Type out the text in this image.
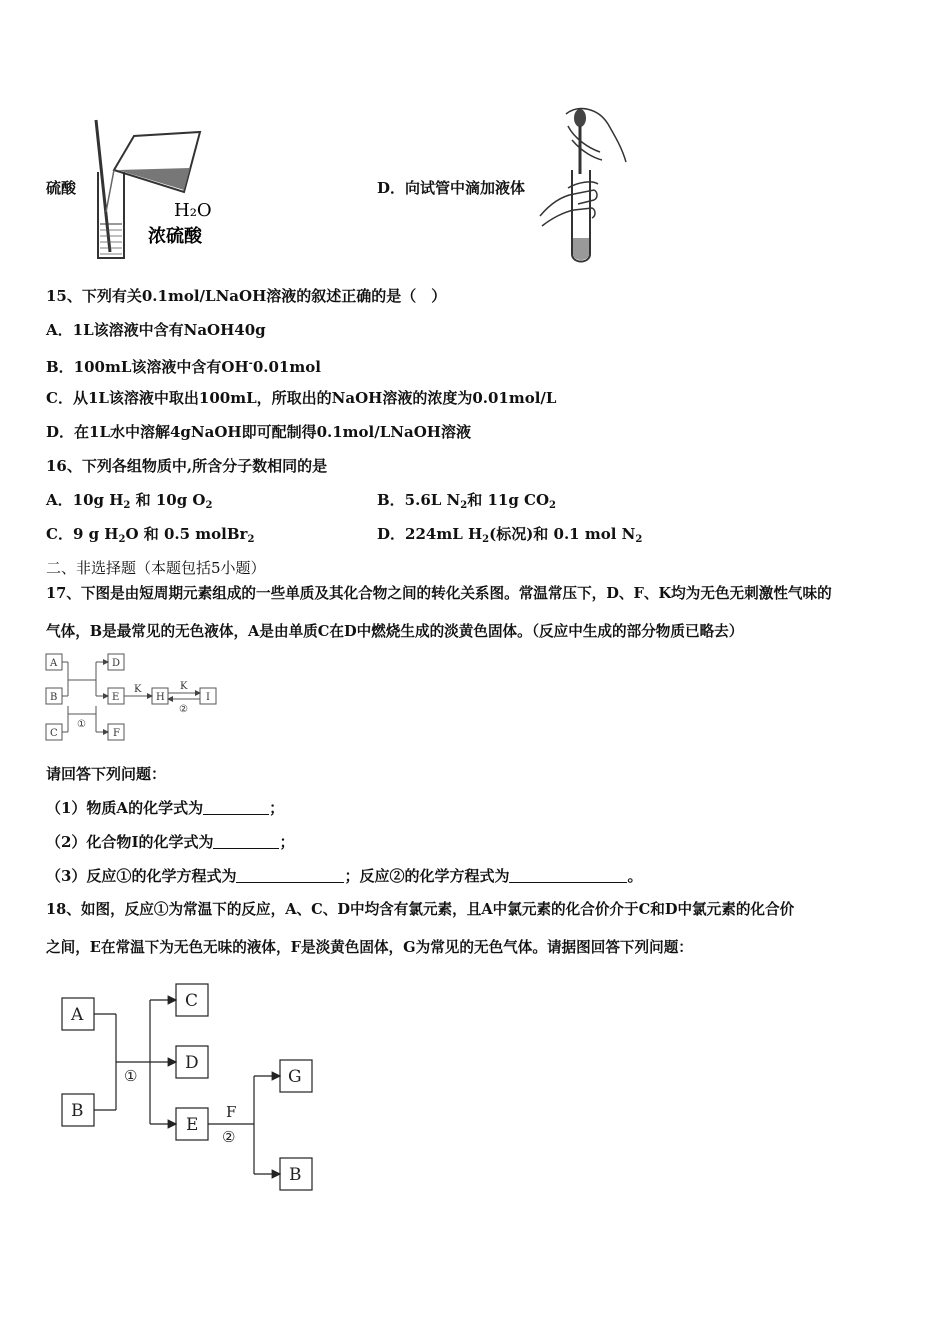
硫酸
H₂O
浓硫酸
D．向试管中滴加液体
15、下列有关0.1mol/LNaOH溶液的叙述正确的是（　）
A．1L该溶液中含有NaOH40g
B．100mL该溶液中含有OH-0.01mol
C．从1L该溶液中取出100mL，所取出的NaOH溶液的浓度为0.01mol/L
D．在1L水中溶解4gNaOH即可配制得0.1mol/LNaOH溶液
16、下列各组物质中,所含分子数相同的是
A．10g $H_2$ 和 10g $O_2$	B．5.6L $N_2$和 11g $CO_2$
C．9 g $H_2O$ 和 0.5 molBr$_2$	D．224mL $H_2$(标况)和 0.1 mol $N_2$
二、非选择题（本题包括5小题）
17、下图是由短周期元素组成的一些单质及其化合物之间的转化关系图。常温常压下，D、F、K均为无色无刺激性气味的
气体，B是最常见的无色液体，A是由单质C在D中燃烧生成的淡黄色固体。（反应中生成的部分物质已略去）
A
B
C
D
E
F
H	I
K	K
①
②
请回答下列问题：
（1）物质A的化学式为	；
（2）化合物Ⅰ的化学式为	；
（3）反应①的化学方程式为	；反应②的化学方程式为	。
18、如图，反应①为常温下的反应，A、C、D中均含有氯元素，且A中氯元素的化合价介于C和D中氯元素的化合价
之间，E在常温下为无色无味的液体，F是淡黄色固体，G为常见的无色气体。请据图回答下列问题：
A
B
C
D
E
G
B
①
F
②
